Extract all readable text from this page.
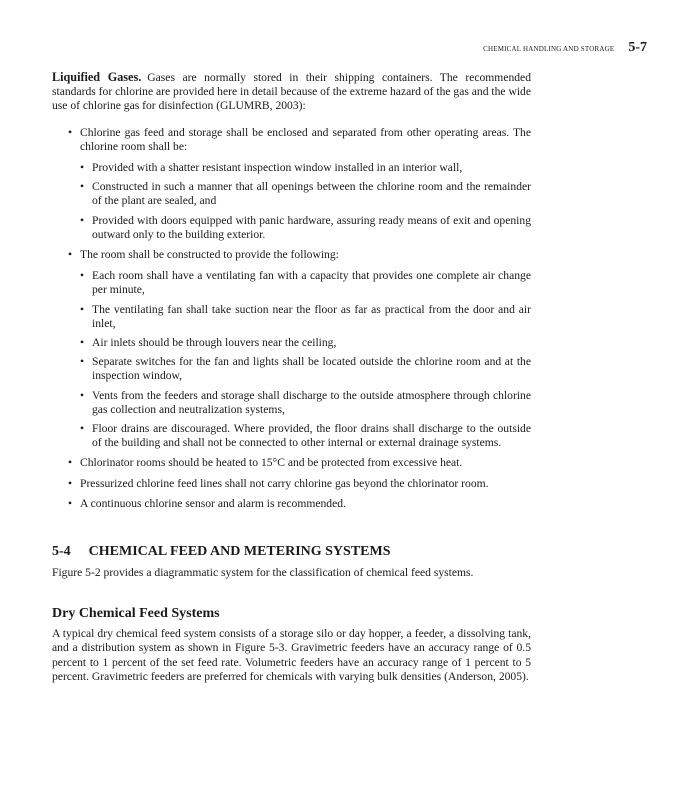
CHEMICAL HANDLING AND STORAGE 5-7

Liquified Gases. Gases are normally stored in their shipping containers. The recommended standards for chlorine are provided here in detail because of the extreme hazard of the gas and the wide use of chlorine gas for disinfection (GLUMRB, 2003):

• Chlorine gas feed and storage shall be enclosed and separated from other operating areas. The chlorine room shall be:
• Provided with a shatter resistant inspection window installed in an interior wall,
• Constructed in such a manner that all openings between the chlorine room and the remainder of the plant are sealed, and
• Provided with doors equipped with panic hardware, assuring ready means of exit and opening outward only to the building exterior.
• The room shall be constructed to provide the following:
• Each room shall have a ventilating fan with a capacity that provides one complete air change per minute,
• The ventilating fan shall take suction near the floor as far as practical from the door and air inlet,
• Air inlets should be through louvers near the ceiling,
• Separate switches for the fan and lights shall be located outside the chlorine room and at the inspection window,
• Vents from the feeders and storage shall discharge to the outside atmosphere through chlorine gas collection and neutralization systems,
• Floor drains are discouraged. Where provided, the floor drains shall discharge to the outside of the building and shall not be connected to other internal or external drainage systems.
• Chlorinator rooms should be heated to 15°C and be protected from excessive heat.
• Pressurized chlorine feed lines shall not carry chlorine gas beyond the chlorinator room.
• A continuous chlorine sensor and alarm is recommended.
5-4 CHEMICAL FEED AND METERING SYSTEMS

Figure 5-2 provides a diagrammatic system for the classification of chemical feed systems.

Dry Chemical Feed Systems

A typical dry chemical feed system consists of a storage silo or day hopper, a feeder, a dissolving tank, and a distribution system as shown in Figure 5-3. Gravimetric feeders have an accuracy range of 0.5 percent to 1 percent of the set feed rate. Volumetric feeders have an accuracy range of 1 percent to 5 percent. Gravimetric feeders are preferred for chemicals with varying bulk densities (Anderson, 2005).
